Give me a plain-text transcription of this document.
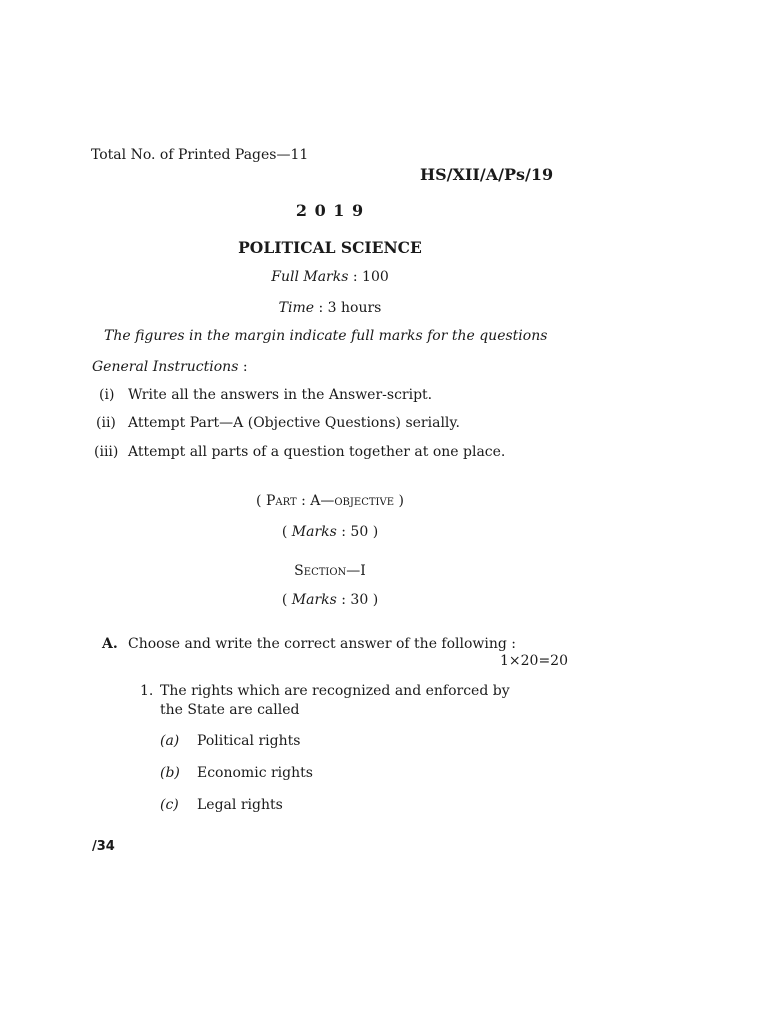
Total No. of Printed Pages—11
HS/XII/A/Ps/19
2 0 1 9
POLITICAL SCIENCE
Full Marks : 100
Time : 3 hours
The figures in the margin indicate full marks for the questions
General Instructions :
(i) Write all the answers in the Answer-script.
(ii) Attempt Part—A (Objective Questions) serially.
(iii) Attempt all parts of a question together at one place.
( Part : A—objective )
( Marks : 50 )
Section—I
( Marks : 30 )
A. Choose and write the correct answer of the following :
1×20=20
1. The rights which are recognized and enforced by
the State are called
(a) Political rights
(b) Economic rights
(c) Legal rights
/34
